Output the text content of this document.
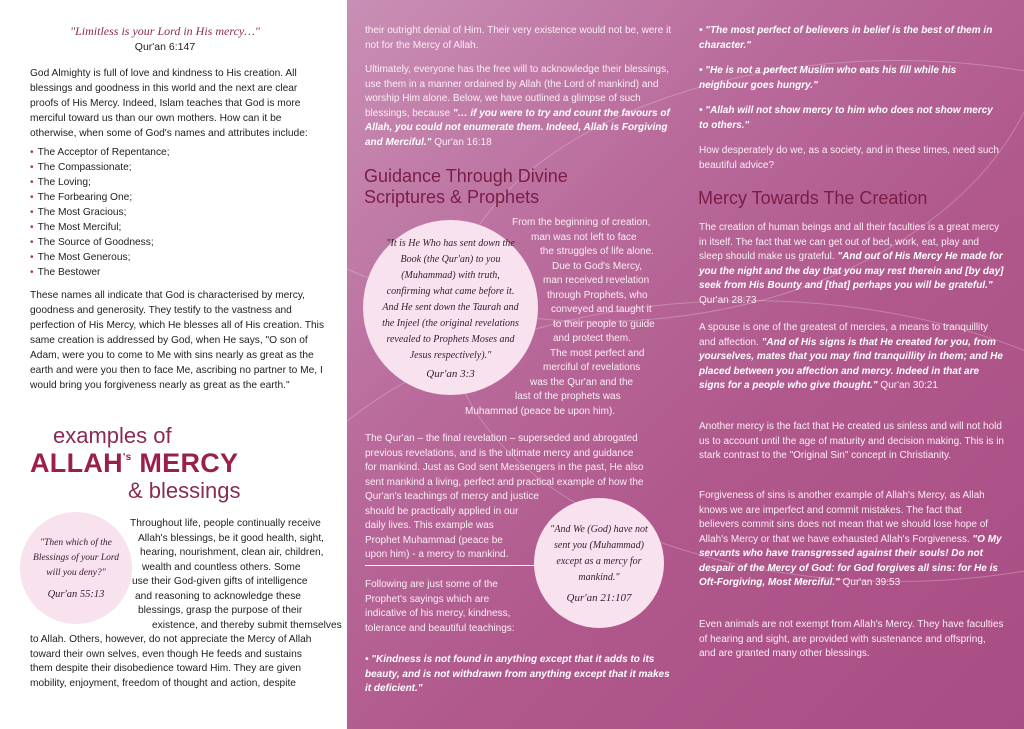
"Limitless is your Lord in His mercy…"
Qur'an 6:147

God Almighty is full of love and kindness to His creation. All blessings and goodness in this world and the next are clear proofs of His Mercy. Indeed, Islam teaches that God is more merciful toward us than our own mothers. How can it be otherwise, when some of God's names and attributes include:

• The Acceptor of Repentance;
• The Compassionate;
• The Loving;
• The Forbearing One;
• The Most Gracious;
• The Most Merciful;
• The Source of Goodness;
• The Most Generous;
• The Bestower

These names all indicate that God is characterised by mercy, goodness and generosity. They testify to the vastness and perfection of His Mercy, which He blesses all of His creation. This same creation is addressed by God, when He says, "O son of Adam, were you to come to Me with sins nearly as great as the earth and were you then to face Me, ascribing no partner to Me, I would bring you forgiveness nearly as great as the earth."

examples of
$ALLAH^{'s}$ MERCY
& blessings
"Then which of the Blessings of your Lord will you deny?"
Qur'an 55:13
Throughout life, people continually receive
Allah's blessings, be it good health, sight,
hearing, nourishment, clean air, children,
wealth and countless others. Some
use their God-given gifts of intelligence
and reasoning to acknowledge these
blessings, grasp the purpose of their
existence, and thereby submit themselves
to Allah. Others, however, do not appreciate the Mercy of Allah
toward their own selves, even though He feeds and sustains
them despite their disobedience toward Him. They are given
mobility, enjoyment, freedom of thought and action, despite

their outright denial of Him. Their very existence would not be, were it not for the Mercy of Allah.

Ultimately, everyone has the free will to acknowledge their blessings, use them in a manner ordained by Allah (the Lord of mankind) and worship Him alone. Below, we have outlined a glimpse of such blessings, because "… if you were to try and count the favours of Allah, you could not enumerate them. Indeed, Allah is Forgiving and Merciful." Qur'an 16:18

Guidance Through Divine Scriptures & Prophets
"It is He Who has sent down the Book (the Qur'an) to you (Muhammad) with truth, confirming what came before it. And He sent down the Taurah and the Injeel (the original revelations revealed to Prophets Moses and Jesus respectively)."
Qur'an 3:3
From the beginning of creation,
man was not left to face
the struggles of life alone.
Due to God's Mercy,
man received revelation
through Prophets, who
conveyed and taught it
to their people to guide
and protect them.
The most perfect and
merciful of revelations
was the Qur'an and the
last of the prophets was
Muhammad (peace be upon him).
The Qur'an – the final revelation – superseded and abrogated
previous revelations, and is the ultimate mercy and guidance
for mankind. Just as God sent Messengers in the past, He also
sent mankind a living, perfect and practical example of how the
Qur'an's teachings of mercy and justice
should be practically applied in our
daily lives. This example was
Prophet Muhammad (peace be
upon him) - a mercy to mankind.
Following are just some of the
Prophet's sayings which are
indicative of his mercy, kindness,
tolerance and beautiful teachings:
"And We (God) have not sent you (Muhammad) except as a mercy for mankind."
Qur'an 21:107

• "Kindness is not found in anything except that it adds to its beauty, and is not withdrawn from anything except that it makes it deficient."

• "The most perfect of believers in belief is the best of them in character."

• "He is not a perfect Muslim who eats his fill while his neighbour goes hungry."

• "Allah will not show mercy to him who does not show mercy to others."

How desperately do we, as a society, and in these times, need such beautiful advice?

Mercy Towards The Creation

The creation of human beings and all their faculties is a great mercy in itself. The fact that we can get out of bed, work, eat, play and sleep should make us grateful. "And out of His Mercy He made for you the night and the day that you may rest therein and [by day] seek from His Bounty and [that] perhaps you will be grateful." Qur'an 28:73

A spouse is one of the greatest of mercies, a means to tranquillity and affection. "And of His signs is that He created for you, from yourselves, mates that you may find tranquillity in them; and He placed between you affection and mercy. Indeed in that are signs for a people who give thought." Qur'an 30:21

Another mercy is the fact that He created us sinless and will not hold us to account until the age of maturity and decision making. This is in stark contrast to the "Original Sin" concept in Christianity.

Forgiveness of sins is another example of Allah's Mercy, as Allah knows we are imperfect and commit mistakes. The fact that believers commit sins does not mean that we should lose hope of Allah's Mercy or that we have exhausted Allah's Forgiveness. "O My servants who have transgressed against their souls! Do not despair of the Mercy of God: for God forgives all sins: for He is Oft-Forgiving, Most Merciful." Qur'an 39:53

Even animals are not exempt from Allah's Mercy. They have faculties of hearing and sight, are provided with sustenance and offspring, and are granted many other blessings.
